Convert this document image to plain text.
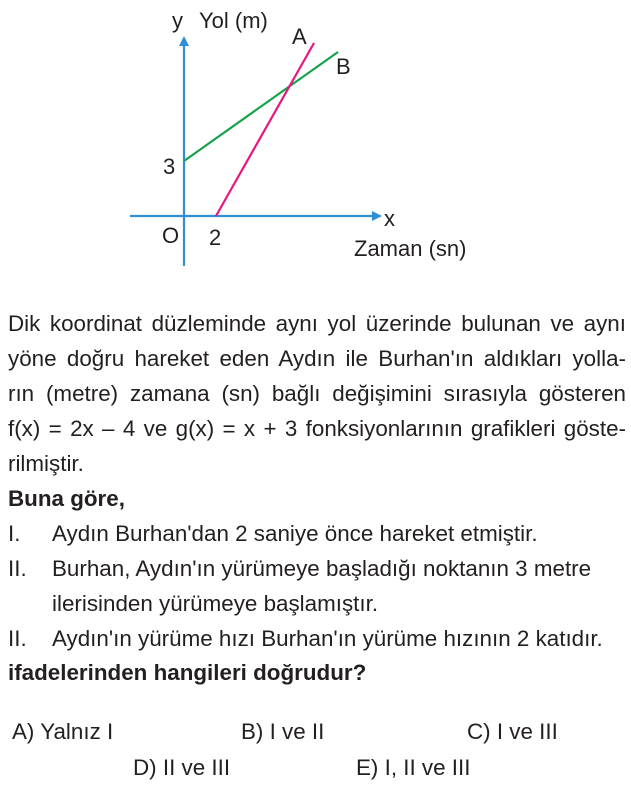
y Yol (m)
A
B
3
x
O 2	Zaman (sn)
Dik koordinat düzleminde aynı yol üzerinde bulunan ve aynı
yöne doğru hareket eden Aydın ile Burhan'ın aldıkları yolla-
rın (metre) zamana (sn) bağlı değişimini sırasıyla gösteren
f(x) = 2x – 4 ve g(x) = x + 3 fonksiyonlarının grafikleri göste-
rilmiştir.
Buna göre,
I. Aydın Burhan'dan 2 saniye önce hareket etmiştir.
II. Burhan, Aydın'ın yürümeye başladığı noktanın 3 metre
ilerisinden yürümeye başlamıştır.
II. Aydın'ın yürüme hızı Burhan'ın yürüme hızının 2 katıdır.
ifadelerinden hangileri doğrudur?
A) Yalnız I	B) I ve II	C) I ve III
D) II ve III	E) I, II ve III
